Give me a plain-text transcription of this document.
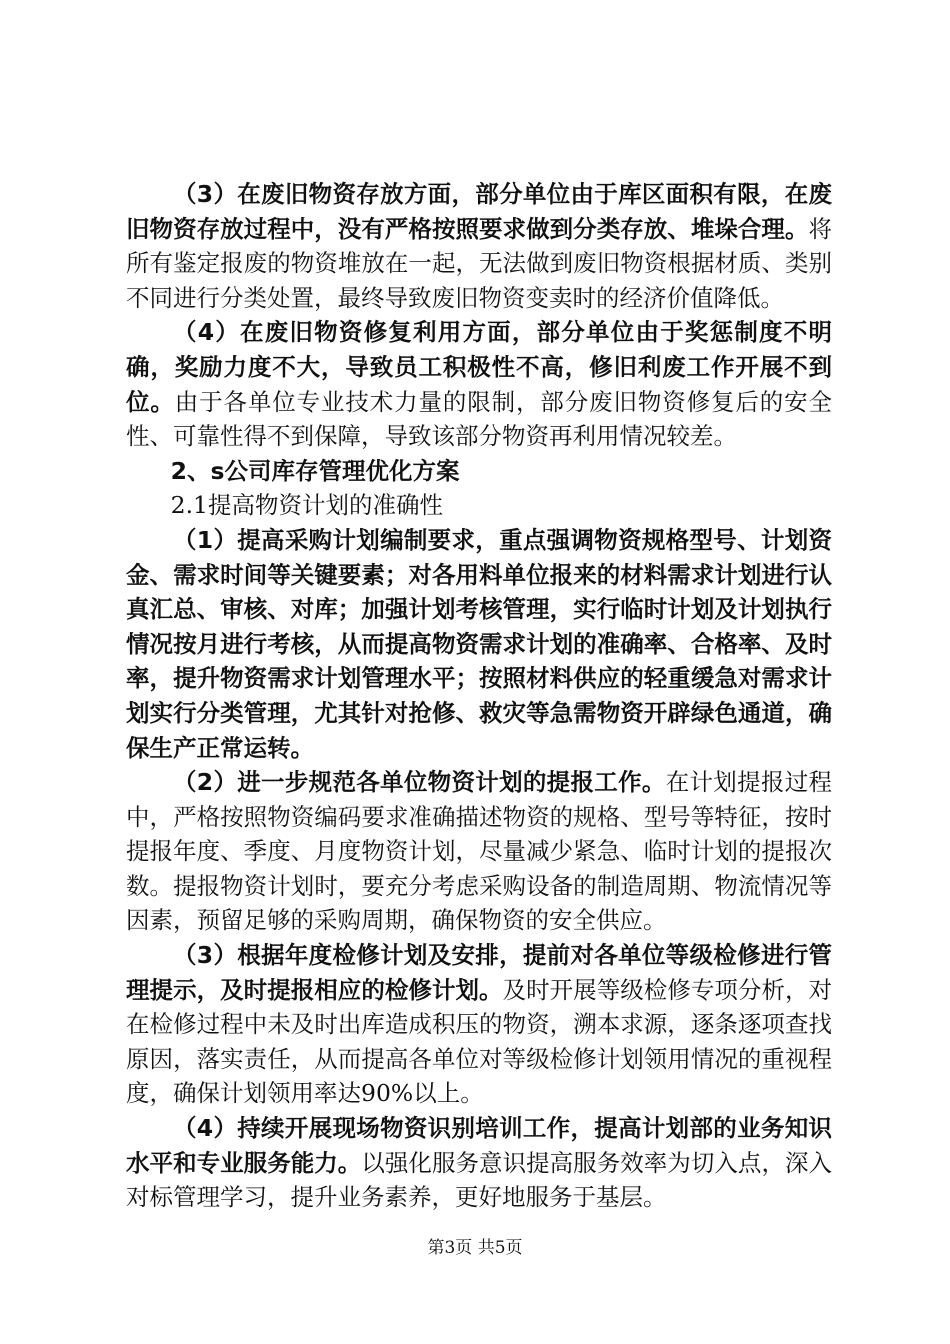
（3）在废旧物资存放方面，部分单位由于库区面积有限，在废旧物资存放过程中，没有严格按照要求做到分类存放、堆垛合理。将所有鉴定报废的物资堆放在一起，无法做到废旧物资根据材质、类别不同进行分类处置，最终导致废旧物资变卖时的经济价值降低。

（4）在废旧物资修复利用方面，部分单位由于奖惩制度不明确，奖励力度不大，导致员工积极性不高，修旧利废工作开展不到位。由于各单位专业技术力量的限制，部分废旧物资修复后的安全性、可靠性得不到保障，导致该部分物资再利用情况较差。

2、s公司库存管理优化方案

2.1提高物资计划的准确性

（1）提高采购计划编制要求，重点强调物资规格型号、计划资金、需求时间等关键要素；对各用料单位报来的材料需求计划进行认真汇总、审核、对库；加强计划考核管理，实行临时计划及计划执行情况按月进行考核，从而提高物资需求计划的准确率、合格率、及时率，提升物资需求计划管理水平；按照材料供应的轻重缓急对需求计划实行分类管理，尤其针对抢修、救灾等急需物资开辟绿色通道，确保生产正常运转。

（2）进一步规范各单位物资计划的提报工作。在计划提报过程中，严格按照物资编码要求准确描述物资的规格、型号等特征，按时提报年度、季度、月度物资计划，尽量减少紧急、临时计划的提报次数。提报物资计划时，要充分考虑采购设备的制造周期、物流情况等因素，预留足够的采购周期，确保物资的安全供应。

（3）根据年度检修计划及安排，提前对各单位等级检修进行管理提示，及时提报相应的检修计划。及时开展等级检修专项分析，对在检修过程中未及时出库造成积压的物资，溯本求源，逐条逐项查找原因，落实责任，从而提高各单位对等级检修计划领用情况的重视程度，确保计划领用率达90%以上。

（4）持续开展现场物资识别培训工作，提高计划部的业务知识水平和专业服务能力。以强化服务意识提高服务效率为切入点，深入对标管理学习，提升业务素养，更好地服务于基层。

第3页 共5页
